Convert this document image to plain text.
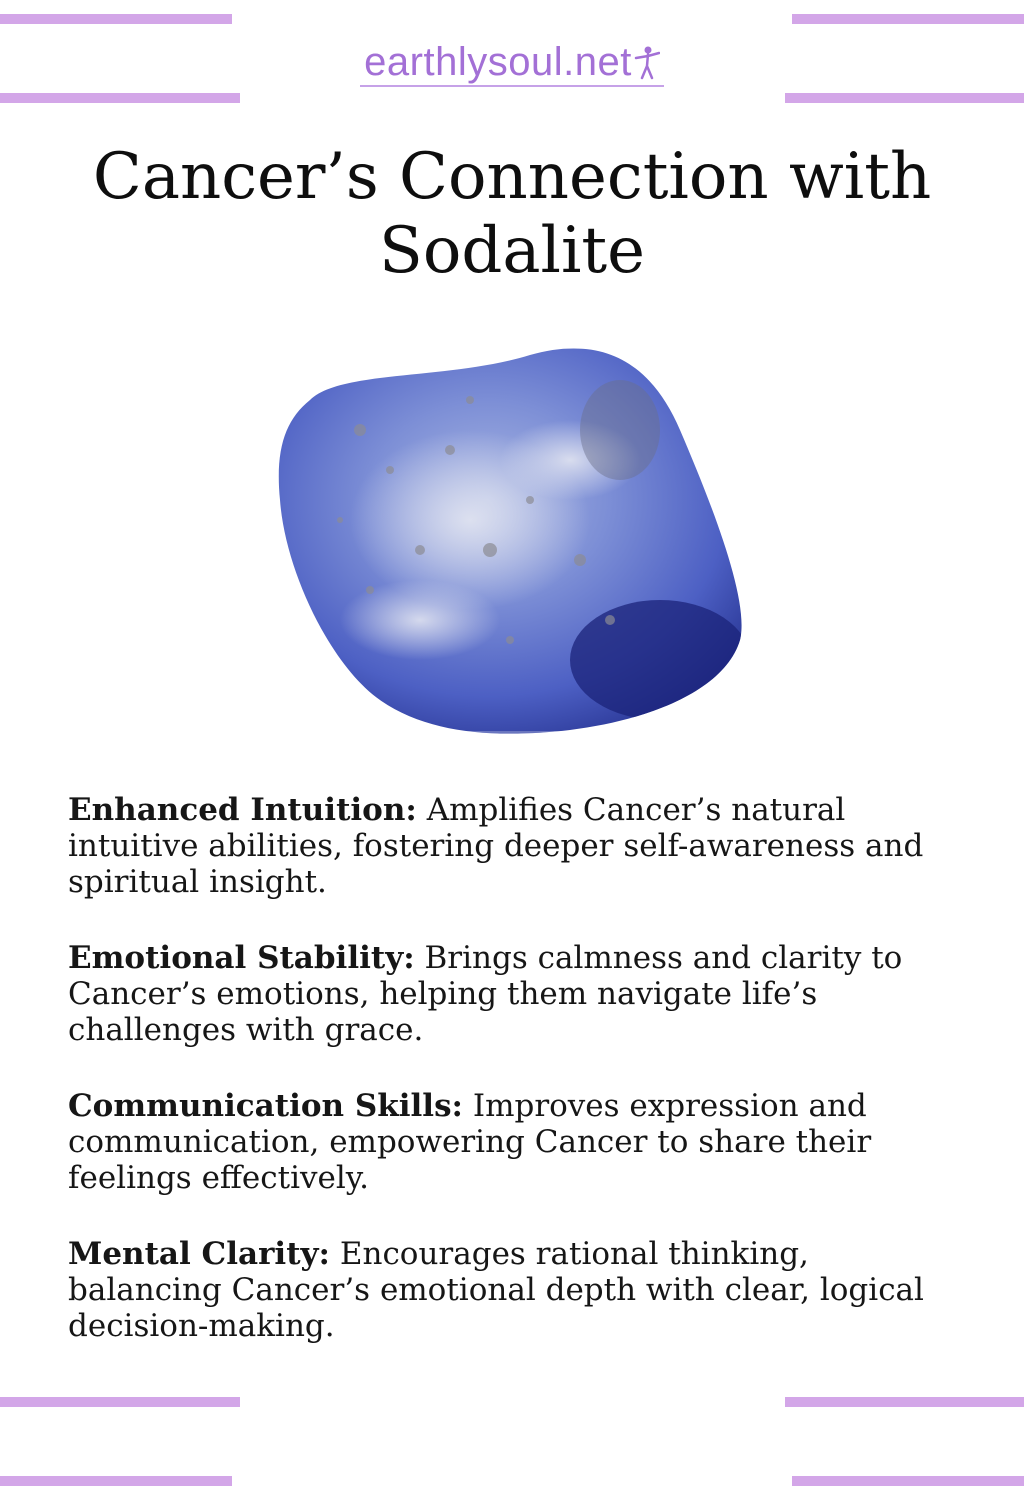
earthlysoul.net
Cancer’s Connection with Sodalite

Enhanced Intuition: Amplifies Cancer’s natural intuitive abilities, fostering deeper self-awareness and spiritual insight.

Emotional Stability: Brings calmness and clarity to Cancer’s emotions, helping them navigate life’s challenges with grace.

Communication Skills: Improves expression and communication, empowering Cancer to share their feelings effectively.

Mental Clarity: Encourages rational thinking, balancing Cancer’s emotional depth with clear, logical decision-making.
